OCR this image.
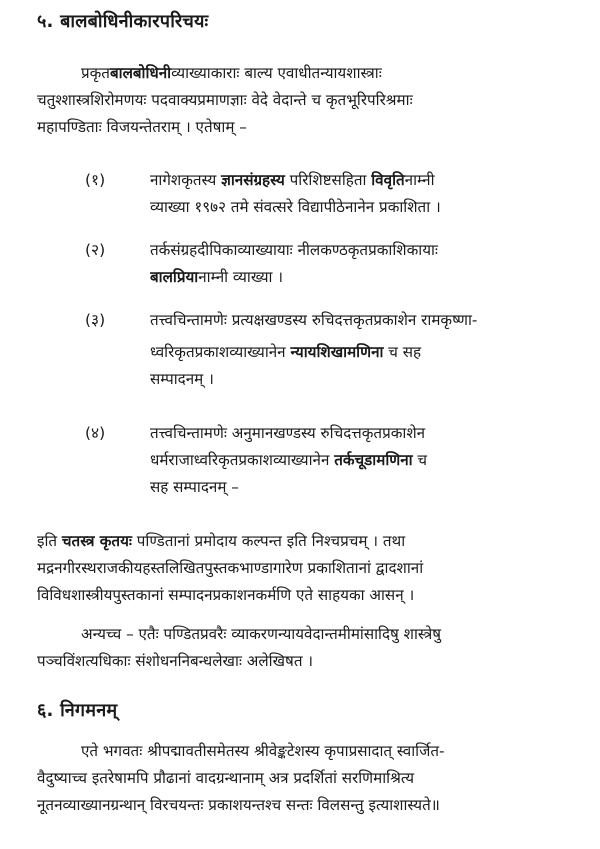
५. बालबोधिनीकारपरिचयः
प्रकृतबालबोधिनीव्याख्याकाराः बाल्य एवाधीतन्यायशास्त्राः
चतुश्शास्त्रशिरोमणयः पदवाक्यप्रमाणज्ञाः वेदे वेदान्ते च कृतभूरिपरिश्रमाः
महापण्डिताः विजयन्तेतराम् । एतेषाम् –
(१)	नागेशकृतस्य ज्ञानसंग्रहस्य परिशिष्टसहिता विवृतिनाम्नी
व्याख्या १९७२ तमे संवत्सरे विद्यापीठेनानेन प्रकाशिता ।
(२)	तर्कसंग्रहदीपिकाव्याख्यायाः नीलकण्ठकृतप्रकाशिकायाः
बालप्रियानाम्नी व्याख्या ।
(३)	तत्त्वचिन्तामणेः प्रत्यक्षखण्डस्य रुचिदत्तकृतप्रकाशेन रामकृष्णा-
ध्वरिकृतप्रकाशव्याख्यानेन न्यायशिखामणिना च सह
सम्पादनम् ।
(४)	तत्त्वचिन्तामणेः अनुमानखण्डस्य रुचिदत्तकृतप्रकाशेन
धर्मराजाध्वरिकृतप्रकाशव्याख्यानेन तर्कचूडामणिना च
सह सम्पादनम् –
इति चतस्त्र कृतयः पण्डितानां प्रमोदाय कल्पन्त इति निश्चप्रचम् । तथा
मद्रनगीरस्थराजकीयहस्तलिखितपुस्तकभाण्डागारेण प्रकाशितानां द्वादशानां
विविधशास्त्रीयपुस्तकानां सम्पादनप्रकाशनकर्मणि एते साहयका आसन् ।
अन्यच्च – एतैः पण्डितप्रवरैः व्याकरणन्यायवेदान्तमीमांसादिषु शास्त्रेषु
पञ्चविंशत्यधिकाः संशोधननिबन्धलेखाः अलेखिषत ।
६. निगमनम्
एते भगवतः श्रीपद्मावतीसमेतस्य श्रीवेङ्कटेशस्य कृपाप्रसादात् स्वार्जित-
वैदुष्याच्च इतरेषामपि प्रौढानां वादग्रन्थानाम् अत्र प्रदर्शितां सरणिमाश्रित्य
नूतनव्याख्यानग्रन्थान् विरचयन्तः प्रकाशयन्तश्च सन्तः विलसन्तु इत्याशास्यते॥
